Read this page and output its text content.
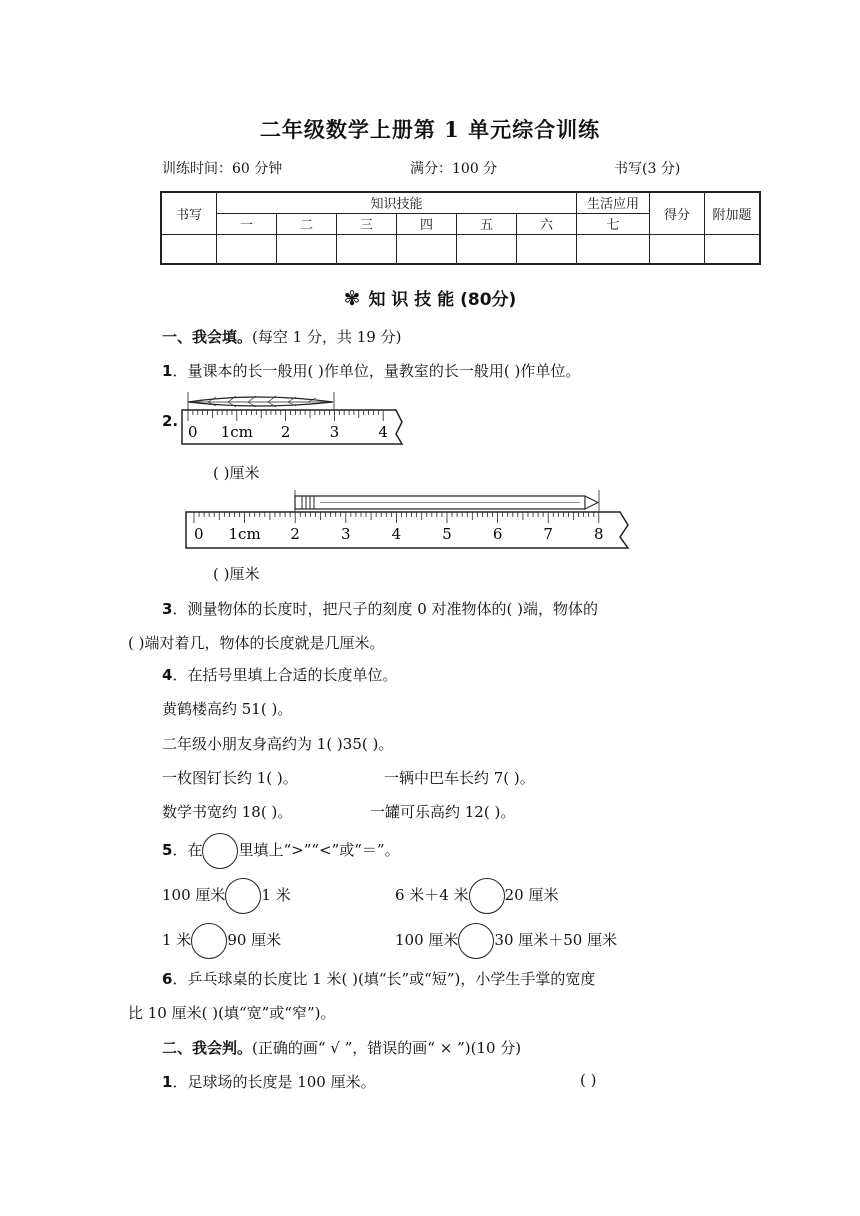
二年级数学上册第 1 单元综合训练
训练时间：60 分钟	满分：100 分	书写(3 分)
书写	知识技能						生活应用	得分	附加题
	一	二	三	四	五	六	七		

✾ 知 识 技 能 (80分)
一、我会填。(每空 1 分，共 19 分)
1．量课本的长一般用( )作单位，量教室的长一般用( )作单位。
2.
0 1cm 2	3	4
( )厘米
0 1cm 2	3	4	5	6	7	8
( )厘米
3．测量物体的长度时，把尺子的刻度 0 对准物体的( )端，物体的
( )端对着几，物体的长度就是几厘米。
4．在括号里填上合适的长度单位。
黄鹤楼高约 51( )。
二年级小朋友身高约为 1( )35( )。
一枚图钉长约 1( )。	一辆中巴车长约 7( )。
数学书宽约 18( )。	一罐可乐高约 12( )。
5．在 里填上“>”“<”或“＝”。
100 厘米 1 米	6 米＋4 米 20 厘米
1 米 90 厘米	100 厘米 30 厘米＋50 厘米
6．乒乓球桌的长度比 1 米( )(填“长”或“短”)，小学生手掌的宽度
比 10 厘米( )(填“宽”或“窄”)。
二、我会判。(正确的画“ √ ”，错误的画“ × ”)(10 分)
1．足球场的长度是 100 厘米。	( )
